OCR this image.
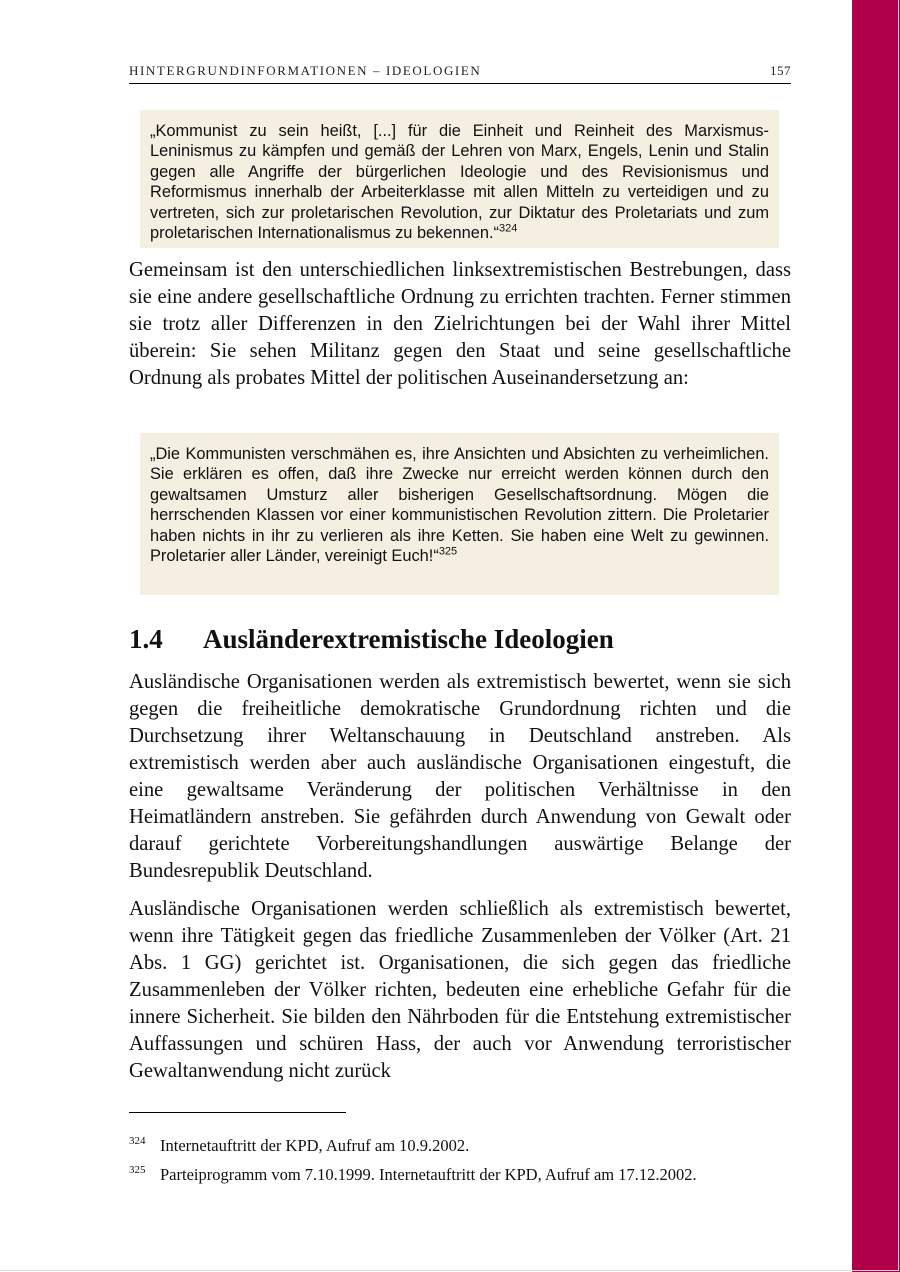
HINTERGRUNDINFORMATIONEN – IDEOLOGIEN	157
„Kommunist zu sein heißt, [...] für die Einheit und Reinheit des Marxismus-Leninismus zu kämpfen und gemäß der Lehren von Marx, Engels, Lenin und Stalin gegen alle Angriffe der bürgerlichen Ideologie und des Revisionismus und Reformismus innerhalb der Arbeiterklasse mit allen Mitteln zu verteidigen und zu vertreten, sich zur proletarischen Revolution, zur Diktatur des Proletariats und zum proletarischen Internationalismus zu bekennen.“$^{324}$

Gemeinsam ist den unterschiedlichen linksextremistischen Bestrebungen, dass sie eine andere gesellschaftliche Ordnung zu errichten trachten. Ferner stimmen sie trotz aller Differenzen in den Zielrichtungen bei der Wahl ihrer Mittel überein: Sie sehen Militanz gegen den Staat und seine gesellschaftliche Ordnung als probates Mittel der politischen Auseinandersetzung an:

„Die Kommunisten verschmähen es, ihre Ansichten und Absichten zu verheimlichen. Sie erklären es offen, daß ihre Zwecke nur erreicht werden können durch den gewaltsamen Umsturz aller bisherigen Gesellschaftsordnung. Mögen die herrschenden Klassen vor einer kommunistischen Revolution zittern. Die Proletarier haben nichts in ihr zu verlieren als ihre Ketten. Sie haben eine Welt zu gewinnen. Proletarier aller Länder, vereinigt Euch!“$^{325}$
1.4 Ausländerextremistische Ideologien

Ausländische Organisationen werden als extremistisch bewertet, wenn sie sich gegen die freiheitliche demokratische Grundordnung richten und die Durchsetzung ihrer Weltanschauung in Deutschland anstreben. Als extremistisch werden aber auch ausländische Organisationen eingestuft, die eine gewaltsame Veränderung der politischen Verhältnisse in den Heimatländern anstreben. Sie gefährden durch Anwendung von Gewalt oder darauf gerichtete Vorbereitungshandlungen auswärtige Belange der Bundesrepublik Deutschland.

Ausländische Organisationen werden schließlich als extremistisch bewertet, wenn ihre Tätigkeit gegen das friedliche Zusammenleben der Völker (Art. 21 Abs. 1 GG) gerichtet ist. Organisationen, die sich gegen das friedliche Zusammenleben der Völker richten, bedeuten eine erhebliche Gefahr für die innere Sicherheit. Sie bilden den Nährboden für die Entstehung extremistischer Auffassungen und schüren Hass, der auch vor Anwendung terroristischer Gewaltanwendung nicht zurück

324 Internetauftritt der KPD, Aufruf am 10.9.2002.
325 Parteiprogramm vom 7.10.1999. Internetauftritt der KPD, Aufruf am 17.12.2002.
